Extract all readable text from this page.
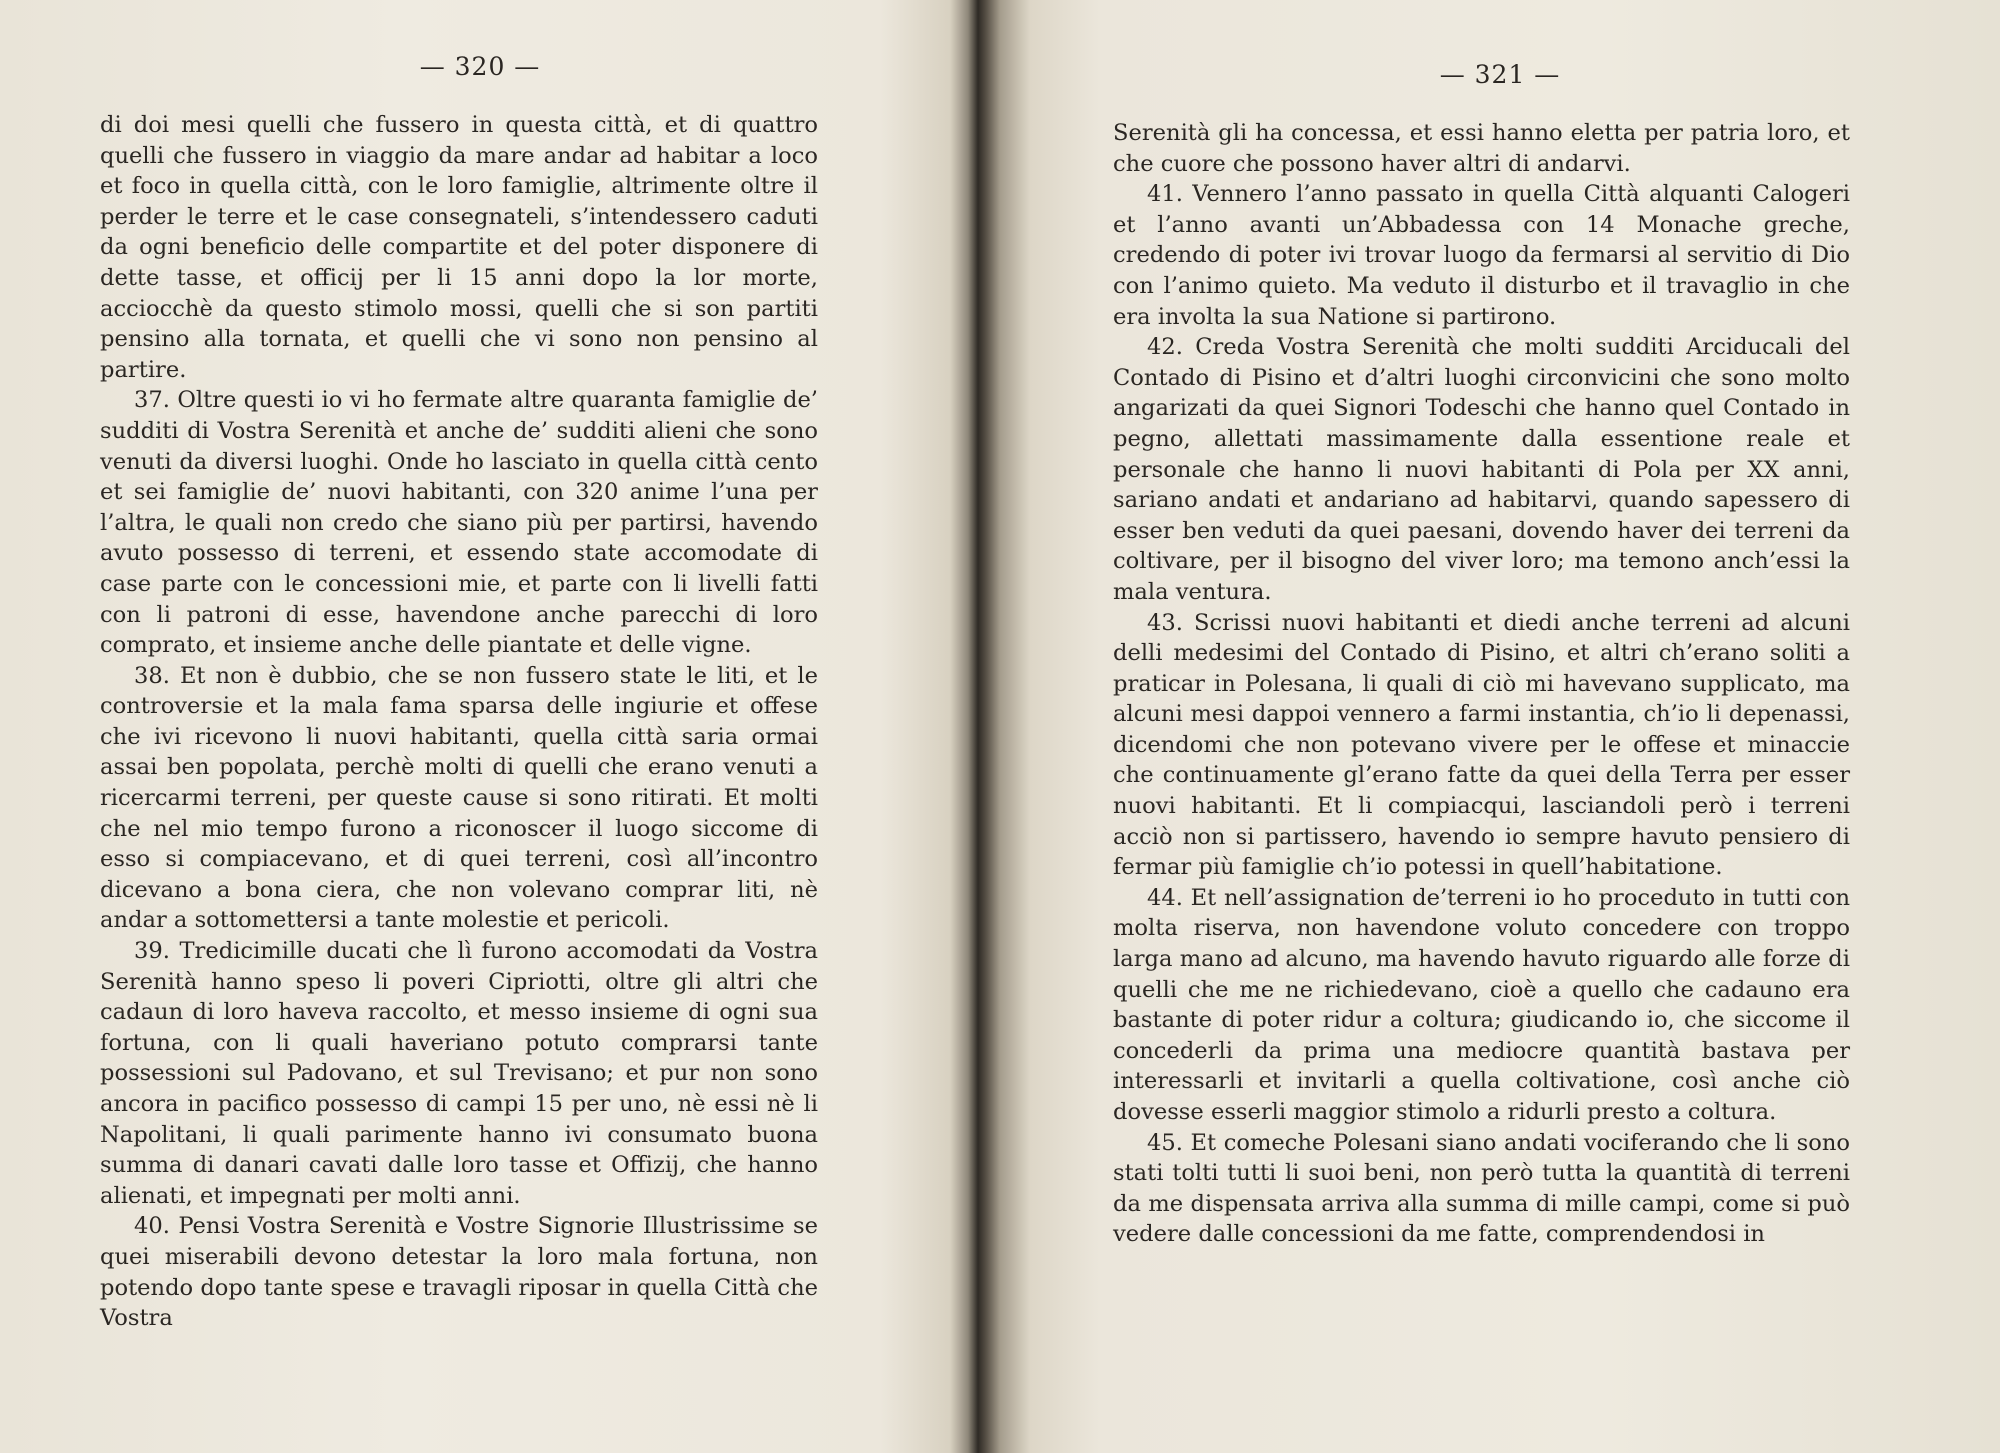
— 320 —

di doi mesi quelli che fussero in questa città, et di quattro quelli che fussero in viaggio da mare andar ad habitar a loco et foco in quella città, con le loro famiglie, altrimente oltre il perder le terre et le case consegnateli, s’intendessero caduti da ogni beneficio delle compartite et del poter disponere di dette tasse, et officij per li 15 anni dopo la lor morte, acciocchè da questo stimolo mossi, quelli che si son partiti pensino alla tornata, et quelli che vi sono non pensino al partire.

37. Oltre questi io vi ho fermate altre quaranta famiglie de’ sudditi di Vostra Serenità et anche de’ sudditi alieni che sono venuti da diversi luoghi. Onde ho lasciato in quella città cento et sei famiglie de’ nuovi habitanti, con 320 anime l’una per l’altra, le quali non credo che siano più per partirsi, havendo avuto possesso di terreni, et essendo state accomodate di case parte con le concessioni mie, et parte con li livelli fatti con li patroni di esse, havendone anche parecchi di loro comprato, et insieme anche delle piantate et delle vigne.

38. Et non è dubbio, che se non fussero state le liti, et le controversie et la mala fama sparsa delle ingiurie et offese che ivi ricevono li nuovi habitanti, quella città saria ormai assai ben popolata, perchè molti di quelli che erano venuti a ricercarmi terreni, per queste cause si sono ritirati. Et molti che nel mio tempo furono a riconoscer il luogo siccome di esso si compiacevano, et di quei terreni, così all’incontro dicevano a bona ciera, che non volevano comprar liti, nè andar a sottomettersi a tante molestie et pericoli.

39. Tredicimille ducati che lì furono accomodati da Vostra Serenità hanno speso li poveri Cipriotti, oltre gli altri che cadaun di loro haveva raccolto, et messo insieme di ogni sua fortuna, con li quali haveriano potuto comprarsi tante possessioni sul Padovano, et sul Trevisano; et pur non sono ancora in pacifico possesso di campi 15 per uno, nè essi nè li Napolitani, li quali parimente hanno ivi consumato buona summa di danari cavati dalle loro tasse et Offizij, che hanno alienati, et impegnati per molti anni.

40. Pensi Vostra Serenità e Vostre Signorie Illustrissime se quei miserabili devono detestar la loro mala fortuna, non potendo dopo tante spese e travagli riposar in quella Città che Vostra

— 321 —

Serenità gli ha concessa, et essi hanno eletta per patria loro, et che cuore che possono haver altri di andarvi.

41. Vennero l’anno passato in quella Città alquanti Calogeri et l’anno avanti un’Abbadessa con 14 Monache greche, credendo di poter ivi trovar luogo da fermarsi al servitio di Dio con l’animo quieto. Ma veduto il disturbo et il travaglio in che era involta la sua Natione si partirono.

42. Creda Vostra Serenità che molti sudditi Arciducali del Contado di Pisino et d’altri luoghi circonvicini che sono molto angarizati da quei Signori Todeschi che hanno quel Contado in pegno, allettati massimamente dalla essentione reale et personale che hanno li nuovi habitanti di Pola per XX anni, sariano andati et andariano ad habitarvi, quando sapessero di esser ben veduti da quei paesani, dovendo haver dei terreni da coltivare, per il bisogno del viver loro; ma temono anch’essi la mala ventura.

43. Scrissi nuovi habitanti et diedi anche terreni ad alcuni delli medesimi del Contado di Pisino, et altri ch’erano soliti a praticar in Polesana, li quali di ciò mi havevano supplicato, ma alcuni mesi dappoi vennero a farmi instantia, ch’io li depenassi, dicendomi che non potevano vivere per le offese et minaccie che continuamente gl’erano fatte da quei della Terra per esser nuovi habitanti. Et li compiacqui, lasciandoli però i terreni acciò non si partissero, havendo io sempre havuto pensiero di fermar più famiglie ch’io potessi in quell’habitatione.

44. Et nell’assignation de’terreni io ho proceduto in tutti con molta riserva, non havendone voluto concedere con troppo larga mano ad alcuno, ma havendo havuto riguardo alle forze di quelli che me ne richiedevano, cioè a quello che cadauno era bastante di poter ridur a coltura; giudicando io, che siccome il concederli da prima una mediocre quantità bastava per interessarli et invitarli a quella coltivatione, così anche ciò dovesse esserli maggior stimolo a ridurli presto a coltura.

45. Et comeche Polesani siano andati vociferando che li sono stati tolti tutti li suoi beni, non però tutta la quantità di terreni da me dispensata arriva alla summa di mille campi, come si può vedere dalle concessioni da me fatte, comprendendosi in
